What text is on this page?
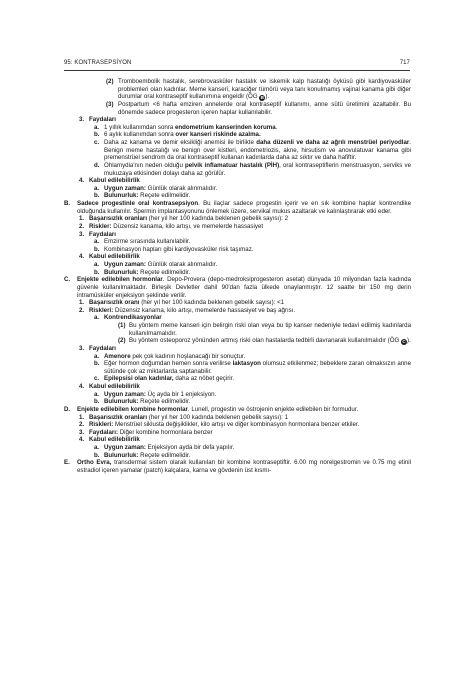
95: KONTRASEPSİYON	717
(2) Tromboembolik hastalık, serebrovasküler hastalık ve iskemik kalp hastalığı öyküsü gibi kardiyovasküler problemleri olan kadınlar. Meme kanseri, karaciğer tümörü veya tanı konulmamış vajinal kanama gibi diğer durumlar oral kontraseptif kullanımına engeldir (ÖG B).
(3) Postpartum <6 hafta emziren annelerde oral kontraseptif kullanımı, anne sütü üretimini azaltabilir. Bu dönemde sadece progesteron içeren haplar kullanılabilir.
3. Faydaları
a. 1 yıllık kullanımdan sonra endometrium kanserinden koruma.
b. 6 aylık kullanımdan sonra over kanseri riskinde azalma.
c. Daha az kanama ve demir eksikliği anemisi ile birlikte daha düzenli ve daha az ağrılı menstrüel periyodlar. Benign meme hastalığı ve benign over kistleri, endometriozis, akne, hirsutism ve anovulatuvar kanama gibi premenstrüel sendrom da oral kontraseptif kullanan kadınlarda daha az sıktır ve daha hafiftir.
d. Ohlamydia'nın neden olduğu pelvik inflamatuar hastalık (PİH), oral kontraseptiflerin menstruasyon, serviks ve mukuzaya etkisinden dolayı daha az görülür.
4. Kabul edilebilirlik
a. Uygun zaman: Günlük olarak alınmalıdır.
b. Bulunurluk: Reçete edilmelidir.
B.	Sadece progestinle oral kontrasepsiyon. Bu ilaçlar sadece progestin içerir ve en sık kombine haplar kontrendike olduğunda kullanılır. Spermin implantasyonunu önlemek üzere, servikal mukus azaltarak ve kalınlaştırarak etki eder.
1. Başarısızlık oranları (her yıl her 100 kadında beklenen gebelik sayısı): 2
2. Riskler: Düzensiz kanama, kilo artışı, ve memelerde hassasiyet
3. Faydaları
a. Emzirme sırasında kullanılabilir.
b. Kombinasyon hapları gibi kardiyovasküler risk taşımaz.
4. Kabul edilebilirlik
a. Uygun zaman: Günlük olarak alınmalıdır.
b. Bulunurluk: Reçete edilmelidir.
C.	Enjekte edilebilen hormonlar. Depo-Provera (depo-medroksiprogesteron asetat) dünyada 10 milyondan fazla kadında güvenle kullanılmaktadır. Birleşik Devletler dahil 90'dan fazla ülkede onaylanmıştır. 12 saatte bir 150 mg derin intramüsküler enjeksiyon şeklinde verilir.
1. Başarısızlık oranı (her yıl her 100 kadında beklenen gebelik sayısı): <1
2. Riskleri: Düzensiz kanama, kilo artışı, memelerde hassasiyet ve baş ağrısı.
a. Kontrendikasyonlar
(1) Bu yöntem meme kanseri için belirgin riski olan veya bu tip kanser nedeniyle tedavi edilmiş kadınlarda kullanılmamalıdır.
(2) Bu yöntem osteoporoz yönünden artmış riski olan hastalarda tedbirli davranarak kullanılmalıdır (ÖG C).
3. Faydaları
a. Amenore pek çok kadının hoşlanacağı bir sonuçtur.
b. Eğer hormon doğumdan hemen sonra verilirse laktasyon olumsuz etkilenmez; bebeklere zararı olmaksızın anne sütünde çok az miktarlarda saptanabilir.
c. Epilepsisi olan kadınlar, daha az nöbet geçirir.
4. Kabul edilebilirlik
a. Uygun zaman: Üç ayda bir 1 enjeksiyon.
b. Bulunurluk: Reçete edilmelidir.
D.	Enjekte edilebilen kombine hormonlar. Lunell, progestin ve östrojenin enjekte edilebilen bir formudur.
1. Başarısızlık oranları (her yıl her 100 kadında beklenen gebelik sayısı): 1
2. Riskleri: Menstrüel siklusta değişiklikler, kilo artışı ve diğer kombinasyon hormonlara benzer etkiler.
3. Faydaları: Diğer kombine hormonlara benzer
4. Kabul edilebilirlik
a. Uygun zaman: Enjeksiyon ayda bir defa yapılır.
b. Bulunurluk: Reçete edilmelidir.
E.	Ortho Evra, transdermal sistem olarak kullanılan bir kombine kontraseptiftir. 6.00 mg norelgestromin ve 0.75 mg etinil estradiol içeren yamalar (patch) kalçalara, karna ve gövdenin üst kısmı-
